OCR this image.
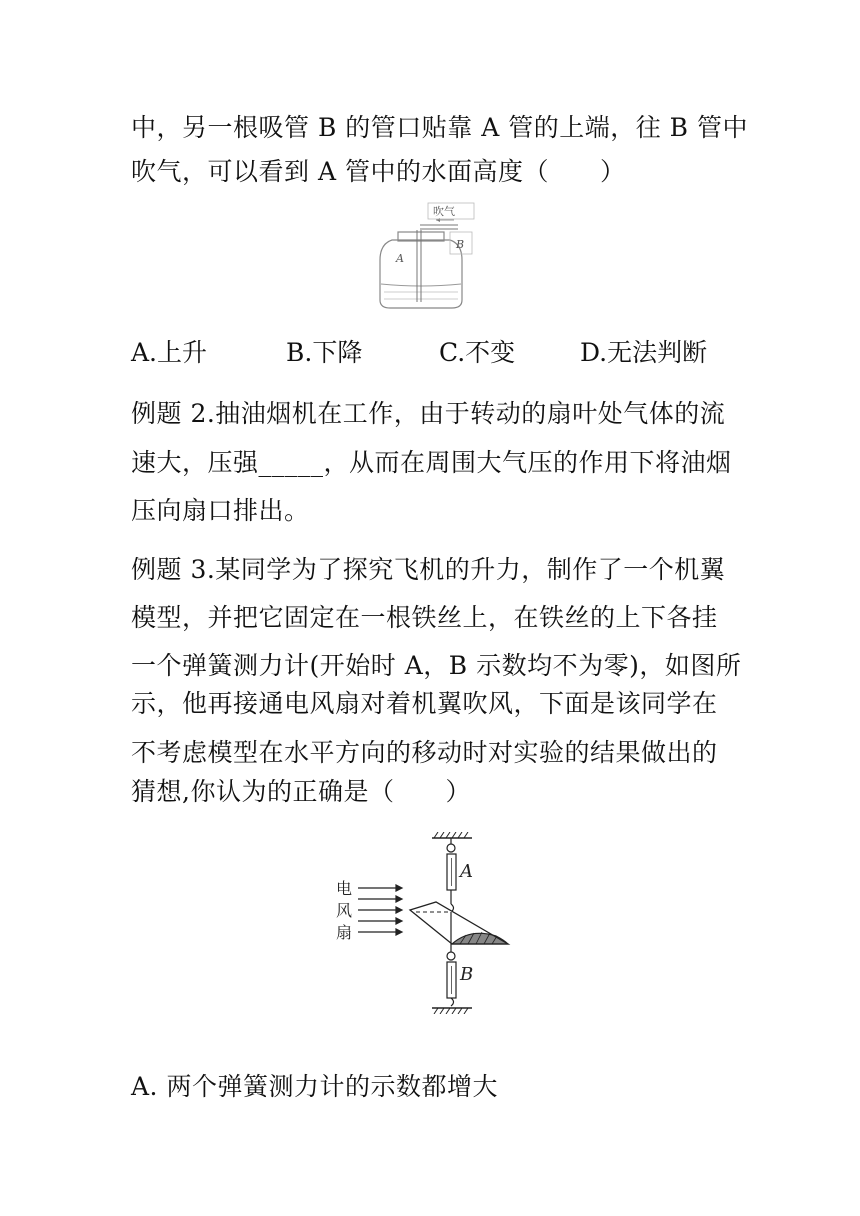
中，另一根吸管 B 的管口贴靠 A 管的上端，往 B 管中
吹气，可以看到 A 管中的水面高度（　　）
吹气
B
A
A.上升	B.下降	C.不变	D.无法判断
例题 2.抽油烟机在工作，由于转动的扇叶处气体的流
速大，压强_____，从而在周围大气压的作用下将油烟
压向扇口排出。
例题 3.某同学为了探究飞机的升力，制作了一个机翼
模型，并把它固定在一根铁丝上，在铁丝的上下各挂
一个弹簧测力计(开始时 A，B 示数均不为零)，如图所
示，他再接通电风扇对着机翼吹风，下面是该同学在
不考虑模型在水平方向的移动时对实验的结果做出的
猜想,你认为的正确是（　　）
A
电
风
扇
B
A. 两个弹簧测力计的示数都增大
